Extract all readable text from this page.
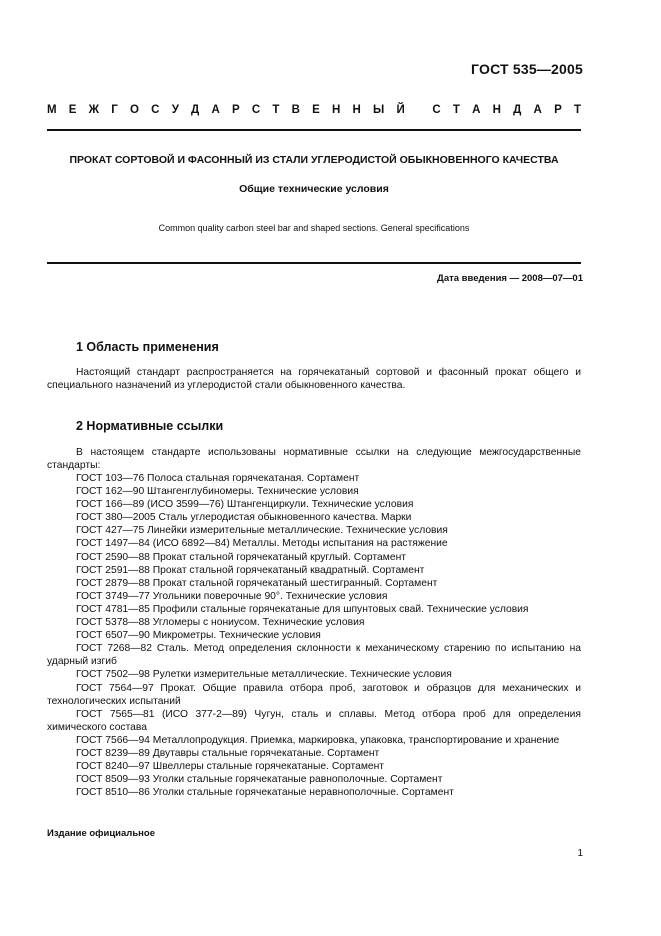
ГОСТ 535—2005
М Е Ж Г О С У Д А Р С Т В Е Н Н Ы Й
С Т А Н Д А Р Т
ПРОКАТ СОРТОВОЙ И ФАСОННЫЙ ИЗ СТАЛИ УГЛЕРОДИСТОЙ ОБЫКНОВЕННОГО КАЧЕСТВА
Общие технические условия
Common quality carbon steel bar and shaped sections. General specifications
Дата введения — 2008—07—01
1 Область применения
Настоящий стандарт распространяется на горячекатаный сортовой и фасонный прокат общего и специального назначений из углеродистой стали обыкновенного качества.
2 Нормативные ссылки
В настоящем стандарте использованы нормативные ссылки на следующие межгосударственные стандарты:
ГОСТ 103—76 Полоса стальная горячекатаная. Сортамент
ГОСТ 162—90 Штангенглубиномеры. Технические условия
ГОСТ 166—89 (ИСО 3599—76) Штангенциркули. Технические условия
ГОСТ 380—2005 Сталь углеродистая обыкновенного качества. Марки
ГОСТ 427—75 Линейки измерительные металлические. Технические условия
ГОСТ 1497—84 (ИСО 6892—84) Металлы. Методы испытания на растяжение
ГОСТ 2590—88 Прокат стальной горячекатаный круглый. Сортамент
ГОСТ 2591—88 Прокат стальной горячекатаный квадратный. Сортамент
ГОСТ 2879—88 Прокат стальной горячекатаный шестигранный. Сортамент
ГОСТ 3749—77 Угольники поверочные 90°. Технические условия
ГОСТ 4781—85 Профили стальные горячекатаные для шпунтовых свай. Технические условия
ГОСТ 5378—88 Угломеры с нониусом. Технические условия
ГОСТ 6507—90 Микрометры. Технические условия
ГОСТ 7268—82 Сталь. Метод определения склонности к механическому старению по испытанию на ударный изгиб
ГОСТ 7502—98 Рулетки измерительные металлические. Технические условия
ГОСТ 7564—97 Прокат. Общие правила отбора проб, заготовок и образцов для механических и технологических испытаний
ГОСТ 7565—81 (ИСО 377-2—89) Чугун, сталь и сплавы. Метод отбора проб для определения химического состава
ГОСТ 7566—94 Металлопродукция. Приемка, маркировка, упаковка, транспортирование и хранение
ГОСТ 8239—89 Двутавры стальные горячекатаные. Сортамент
ГОСТ 8240—97 Швеллеры стальные горячекатаные. Сортамент
ГОСТ 8509—93 Уголки стальные горячекатаные равнополочные. Сортамент
ГОСТ 8510—86 Уголки стальные горячекатаные неравнополочные. Сортамент
Издание официальное
1
